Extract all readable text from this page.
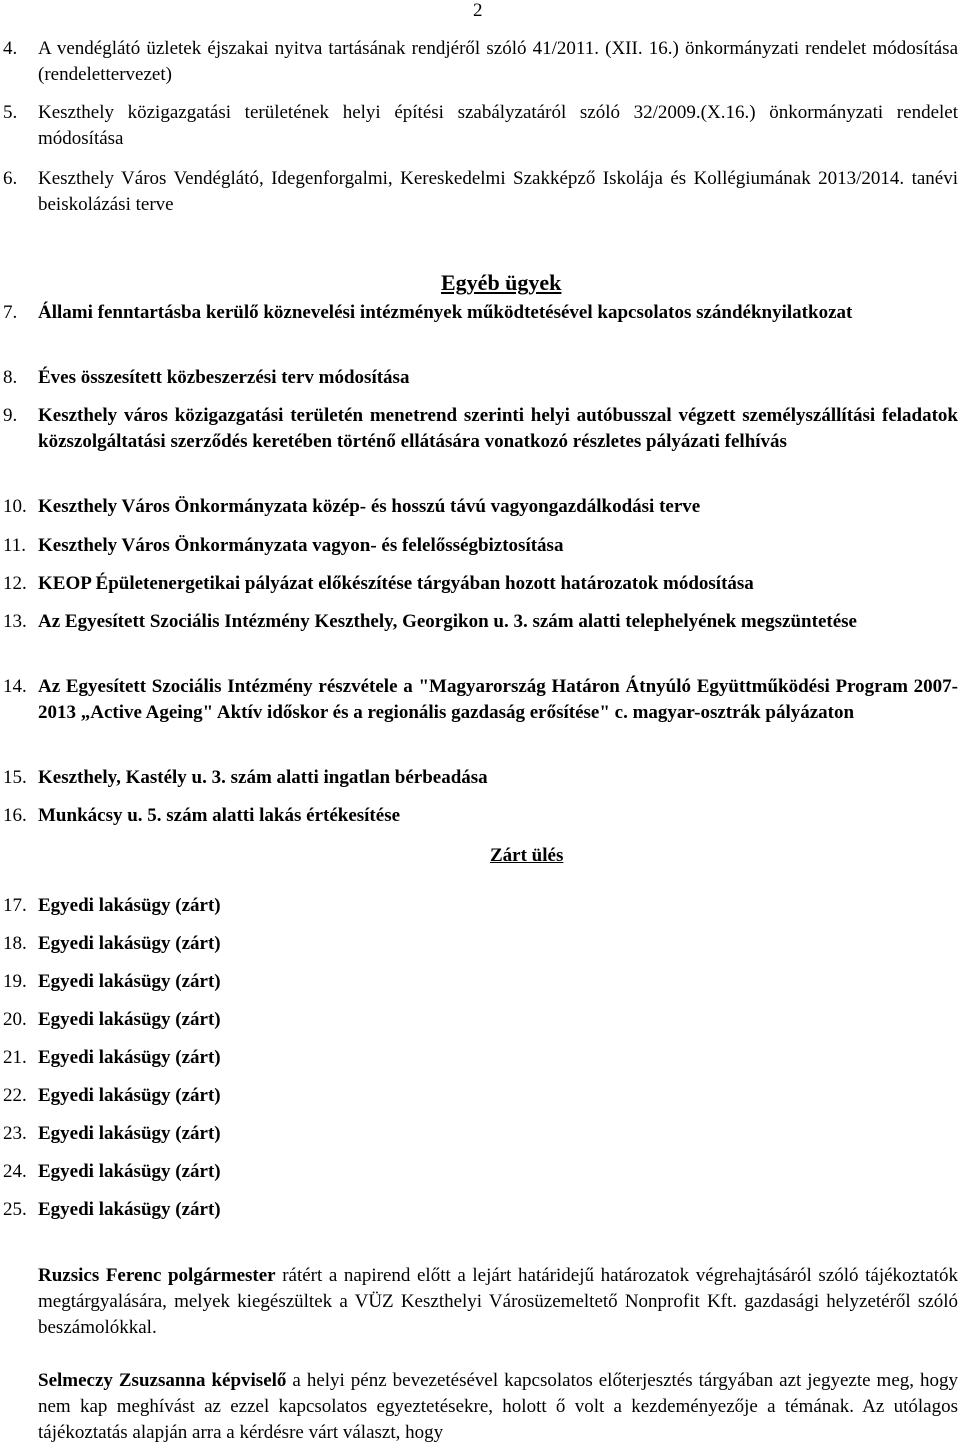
2
4. A vendéglátó üzletek éjszakai nyitva tartásának rendjéről szóló 41/2011. (XII. 16.) önkormányzati rendelet módosítása (rendelettervezet)
5. Keszthely közigazgatási területének helyi építési szabályzatáról szóló 32/2009.(X.16.) önkormányzati rendelet módosítása
6. Keszthely Város Vendéglátó, Idegenforgalmi, Kereskedelmi Szakképző Iskolája és Kollégiumának 2013/2014. tanévi beiskolázási terve
Egyéb ügyek
7. Állami fenntartásba kerülő köznevelési intézmények működtetésével kapcsolatos szándéknyilatkozat
8. Éves összesített közbeszerzési terv módosítása
9. Keszthely város közigazgatási területén menetrend szerinti helyi autóbusszal végzett személyszállítási feladatok közszolgáltatási szerződés keretében történő ellátására vonatkozó részletes pályázati felhívás
10. Keszthely Város Önkormányzata közép- és hosszú távú vagyongazdálkodási terve
11. Keszthely Város Önkormányzata vagyon- és felelősségbiztosítása
12. KEOP Épületenergetikai pályázat előkészítése tárgyában hozott határozatok módosítása
13. Az Egyesített Szociális Intézmény Keszthely, Georgikon u. 3. szám alatti telephelyének megszüntetése
14. Az Egyesített Szociális Intézmény részvétele a "Magyarország Határon Átnyúló Együttműködési Program 2007-2013 „Active Ageing" Aktív időskor és a regionális gazdaság erősítése" c. magyar-osztrák pályázaton
15. Keszthely, Kastély u. 3. szám alatti ingatlan bérbeadása
16. Munkácsy u. 5. szám alatti lakás értékesítése
Zárt ülés
17. Egyedi lakásügy (zárt)
18. Egyedi lakásügy (zárt)
19. Egyedi lakásügy (zárt)
20. Egyedi lakásügy (zárt)
21. Egyedi lakásügy (zárt)
22. Egyedi lakásügy (zárt)
23. Egyedi lakásügy (zárt)
24. Egyedi lakásügy (zárt)
25. Egyedi lakásügy (zárt)
Ruzsics Ferenc polgármester rátért a napirend előtt a lejárt határidejű határozatok végrehajtásáról szóló tájékoztatók megtárgyalására, melyek kiegészültek a VÜZ Keszthelyi Városüzemeltető Nonprofit Kft. gazdasági helyzetéről szóló beszámolókkal.
Selmeczy Zsuzsanna képviselő a helyi pénz bevezetésével kapcsolatos előterjesztés tárgyában azt jegyezte meg, hogy nem kap meghívást az ezzel kapcsolatos egyeztetésekre, holott ő volt a kezdeményezője a témának. Az utólagos tájékoztatás alapján arra a kérdésre várt választ, hogy
